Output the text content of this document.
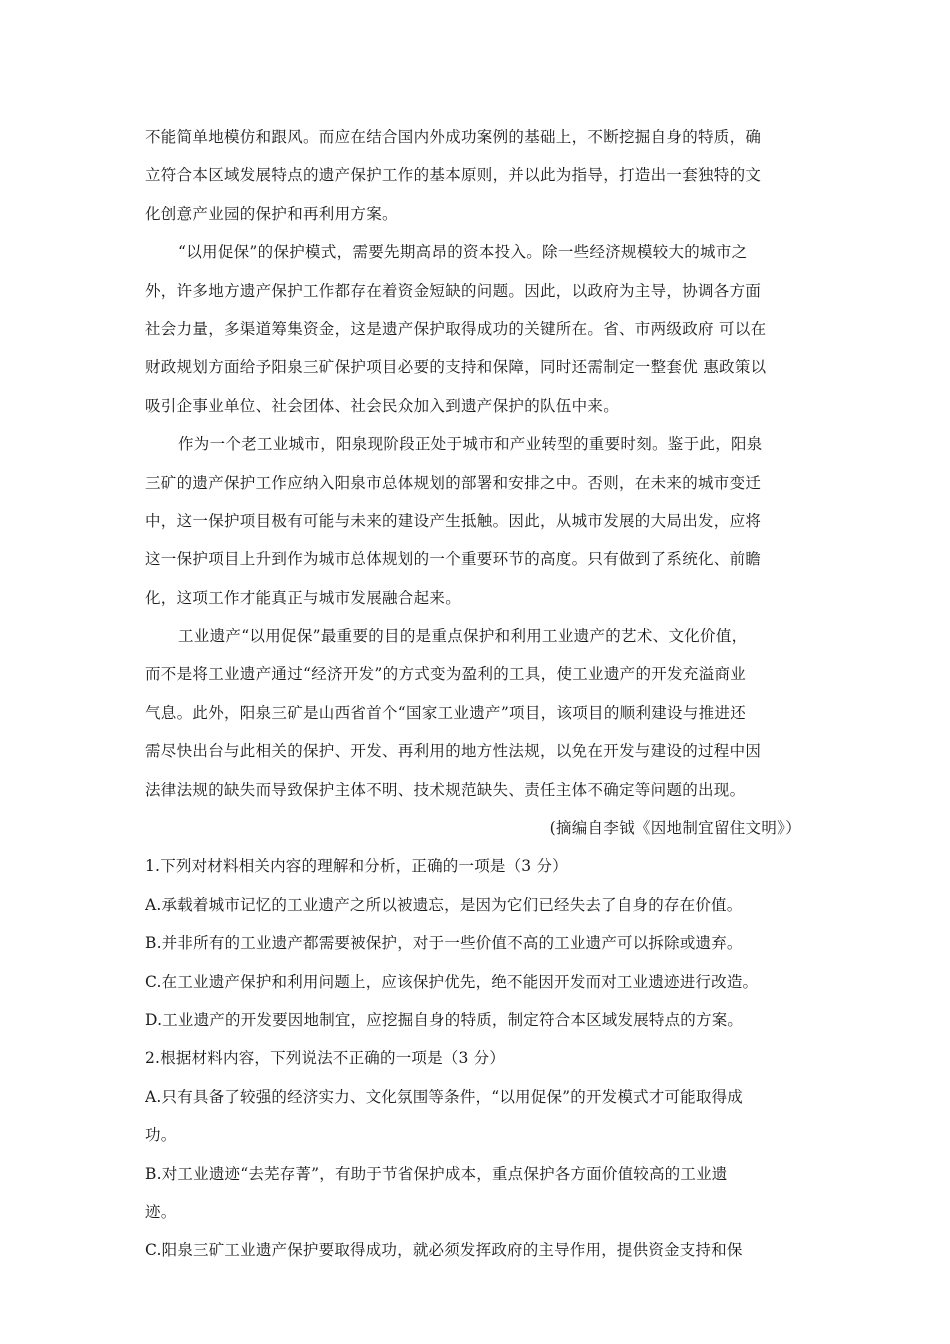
不能简单地模仿和跟风。而应在结合国内外成功案例的基础上，不断挖掘自身的特质，确
立符合本区域发展特点的遗产保护工作的基本原则，并以此为指导，打造出一套独特的文
化创意产业园的保护和再利用方案。
“以用促保”的保护模式，需要先期高昂的资本投入。除一些经济规模较大的城市之
外，许多地方遗产保护工作都存在着资金短缺的问题。因此，以政府为主导，协调各方面
社会力量，多渠道筹集资金，这是遗产保护取得成功的关键所在。省、市两级政府 可以在
财政规划方面给予阳泉三矿保护项目必要的支持和保障，同时还需制定一整套优 惠政策以
吸引企事业单位、社会团体、社会民众加入到遗产保护的队伍中来。
作为一个老工业城市，阳泉现阶段正处于城市和产业转型的重要时刻。鉴于此，阳泉
三矿的遗产保护工作应纳入阳泉市总体规划的部署和安排之中。否则，在未来的城市变迁
中，这一保护项目极有可能与未来的建设产生抵触。因此，从城市发展的大局出发，应将
这一保护项目上升到作为城市总体规划的一个重要环节的高度。只有做到了系统化、前瞻
化，这项工作才能真正与城市发展融合起来。
工业遗产“以用促保”最重要的目的是重点保护和利用工业遗产的艺术、文化价值，
而不是将工业遗产通过“经济开发”的方式变为盈利的工具，使工业遗产的开发充溢商业
气息。此外，阳泉三矿是山西省首个“国家工业遗产”项目，该项目的顺利建设与推进还
需尽快出台与此相关的保护、开发、再利用的地方性法规，以免在开发与建设的过程中因
法律法规的缺失而导致保护主体不明、技术规范缺失、责任主体不确定等问题的出现。
(摘编自李钺《因地制宜留住文明》）
1.下列对材料相关内容的理解和分析，正确的一项是（3 分）
A.承载着城市记忆的工业遗产之所以被遗忘，是因为它们已经失去了自身的存在价值。
B.并非所有的工业遗产都需要被保护，对于一些价值不高的工业遗产可以拆除或遗弃。
C.在工业遗产保护和利用问题上，应该保护优先，绝不能因开发而对工业遗迹进行改造。
D.工业遗产的开发要因地制宜，应挖掘自身的特质，制定符合本区域发展特点的方案。
2.根据材料内容，下列说法不正确的一项是（3 分）
A.只有具备了较强的经济实力、文化氛围等条件，“以用促保”的开发模式才可能取得成
功。
B.对工业遗迹“去芜存菁”，有助于节省保护成本，重点保护各方面价值较高的工业遗
迹。
C.阳泉三矿工业遗产保护要取得成功，就必须发挥政府的主导作用，提供资金支持和保
